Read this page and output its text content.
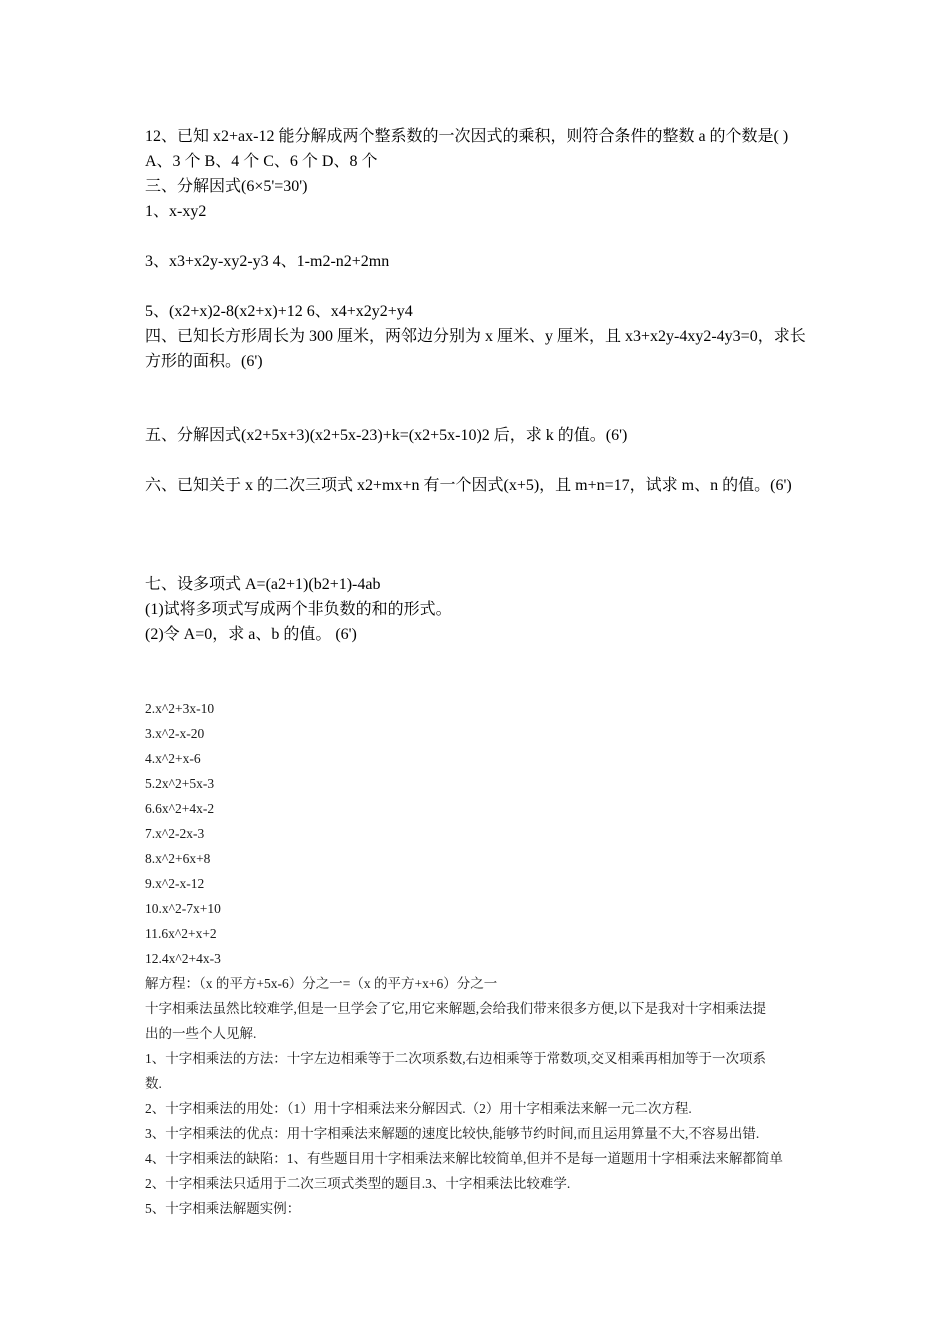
12、已知 x2+ax-12 能分解成两个整系数的一次因式的乘积，则符合条件的整数 a 的个数是( )
A、3 个 B、4 个 C、6 个 D、8 个
三、分解因式(6×5'=30')
1、x-xy2
3、x3+x2y-xy2-y3 4、1-m2-n2+2mn
5、(x2+x)2-8(x2+x)+12 6、x4+x2y2+y4
四、已知长方形周长为 300 厘米，两邻边分别为 x 厘米、y 厘米，且 x3+x2y-4xy2-4y3=0，求长
方形的面积。(6')
五、分解因式(x2+5x+3)(x2+5x-23)+k=(x2+5x-10)2 后，求 k 的值。(6')
六、已知关于 x 的二次三项式 x2+mx+n 有一个因式(x+5)，且 m+n=17，试求 m、n 的值。(6')
七、设多项式 A=(a2+1)(b2+1)-4ab
(1)试将多项式写成两个非负数的和的形式。
(2)令 A=0，求 a、b 的值。 (6')
2.x^2+3x-10
3.x^2-x-20
4.x^2+x-6
5.2x^2+5x-3
6.6x^2+4x-2
7.x^2-2x-3
8.x^2+6x+8
9.x^2-x-12
10.x^2-7x+10
11.6x^2+x+2
12.4x^2+4x-3
解方程：（x 的平方+5x-6）分之一=（x 的平方+x+6）分之一
十字相乘法虽然比较难学,但是一旦学会了它,用它来解题,会给我们带来很多方便,以下是我对十字相乘法提
出的一些个人见解.
1、十字相乘法的方法：十字左边相乘等于二次项系数,右边相乘等于常数项,交叉相乘再相加等于一次项系
数.
2、十字相乘法的用处：（1）用十字相乘法来分解因式.（2）用十字相乘法来解一元二次方程.
3、十字相乘法的优点：用十字相乘法来解题的速度比较快,能够节约时间,而且运用算量不大,不容易出错.
4、十字相乘法的缺陷：1、有些题目用十字相乘法来解比较简单,但并不是每一道题用十字相乘法来解都简单
2、十字相乘法只适用于二次三项式类型的题目.3、十字相乘法比较难学.
5、十字相乘法解题实例：
